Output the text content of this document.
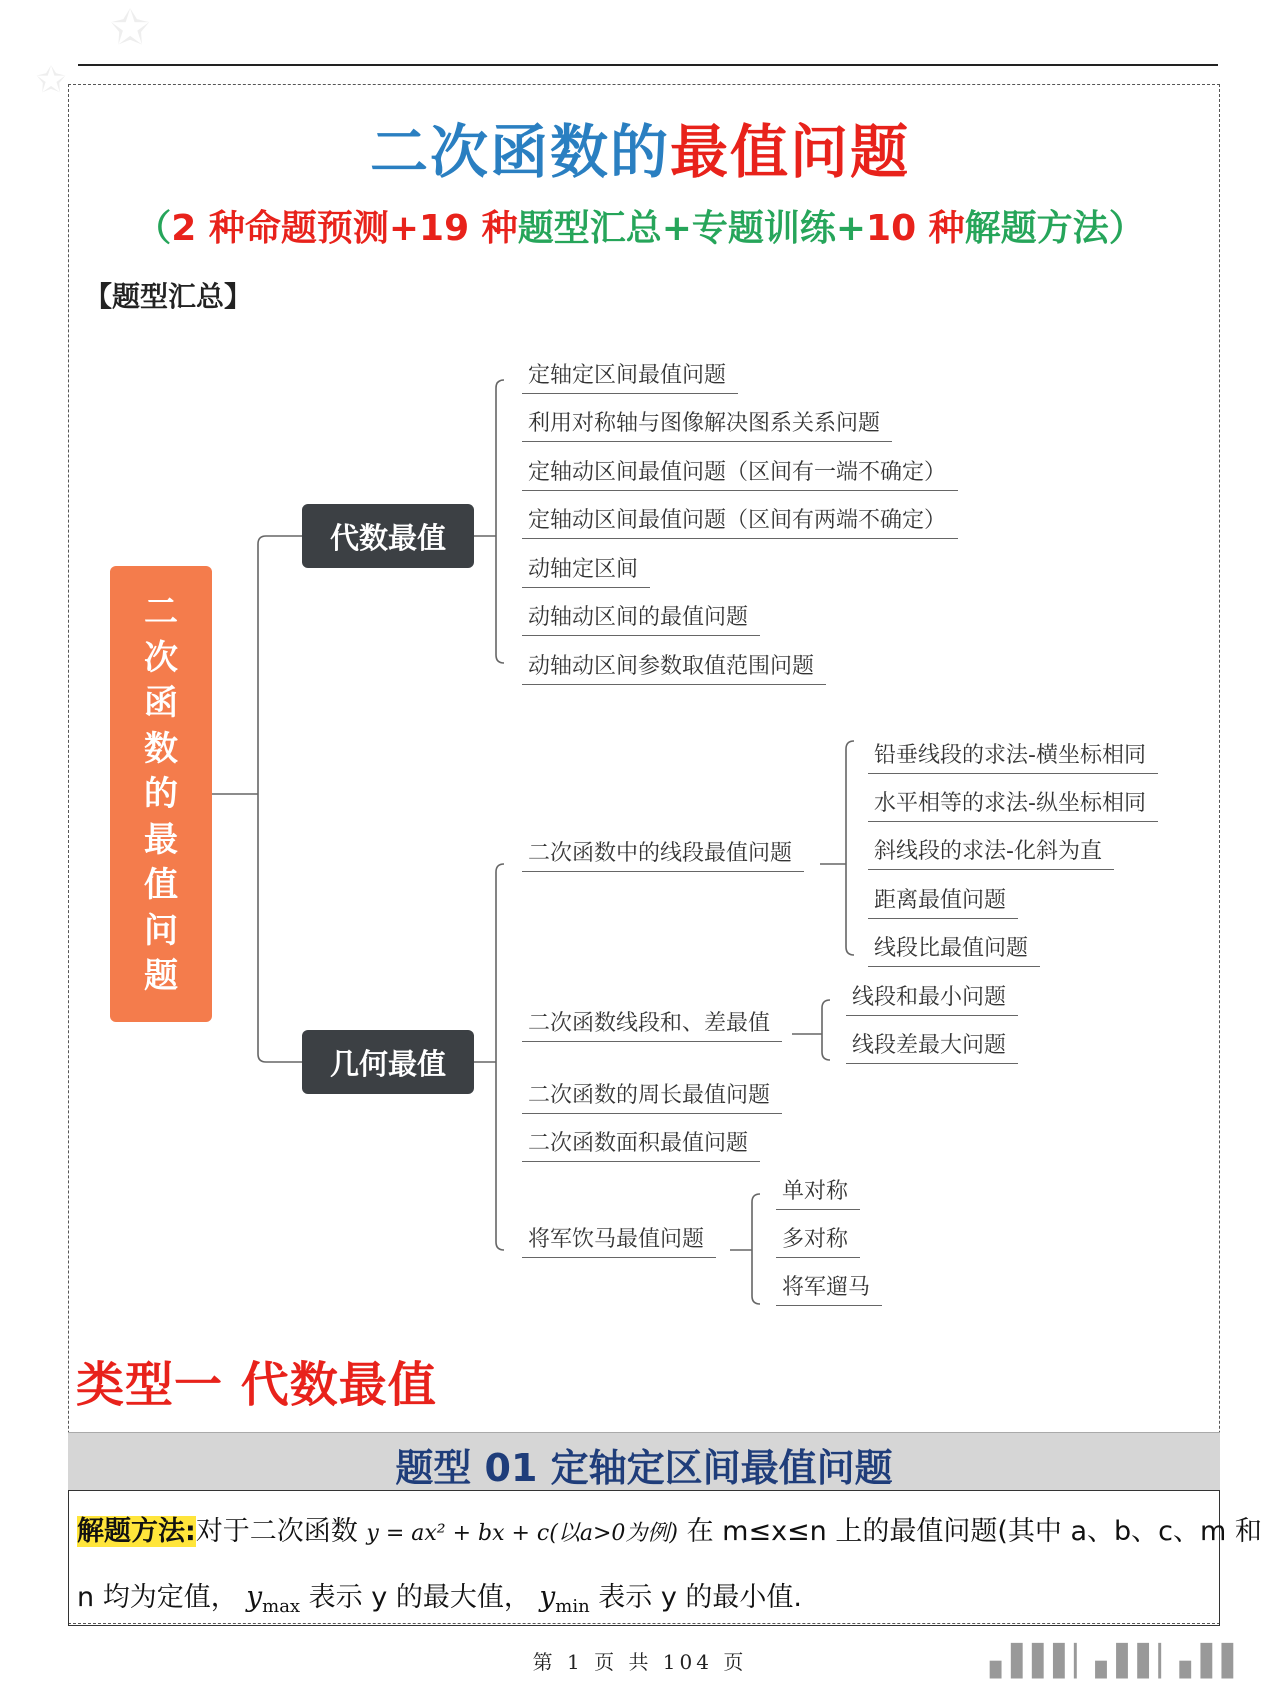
✩
✩
二次函数的最值问题
（2 种命题预测+19 种题型汇总+专题训练+10 种解题方法）
【题型汇总】
二
次
函
数
的
最
值
问
题
代数最值
几何最值
定轴定区间最值问题
利用对称轴与图像解决图系关系问题
定轴动区间最值问题（区间有一端不确定）
定轴动区间最值问题（区间有两端不确定）
动轴定区间
动轴动区间的最值问题
动轴动区间参数取值范围问题
二次函数中的线段最值问题
铅垂线段的求法-横坐标相同
水平相等的求法-纵坐标相同
斜线段的求法-化斜为直
距离最值问题
线段比最值问题
二次函数线段和、差最值
线段和最小问题
线段差最大问题
二次函数的周长最值问题
二次函数面积最值问题
将军饮马最值问题
单对称
多对称
将军遛马
类型一 代数最值
题型 01 定轴定区间最值问题
解题方法:对于二次函数 y = ax² + bx + c(以a>0为例) 在 m≤x≤n 上的最值问题(其中 a、b、c、m 和
n 均为定值， $y_{max}$ 表示 y 的最大值， $y_{min}$ 表示 y 的最小值.
第 1 页 共 104 页	▖▌▌▌▏▖▌▌▏▖▌▌
